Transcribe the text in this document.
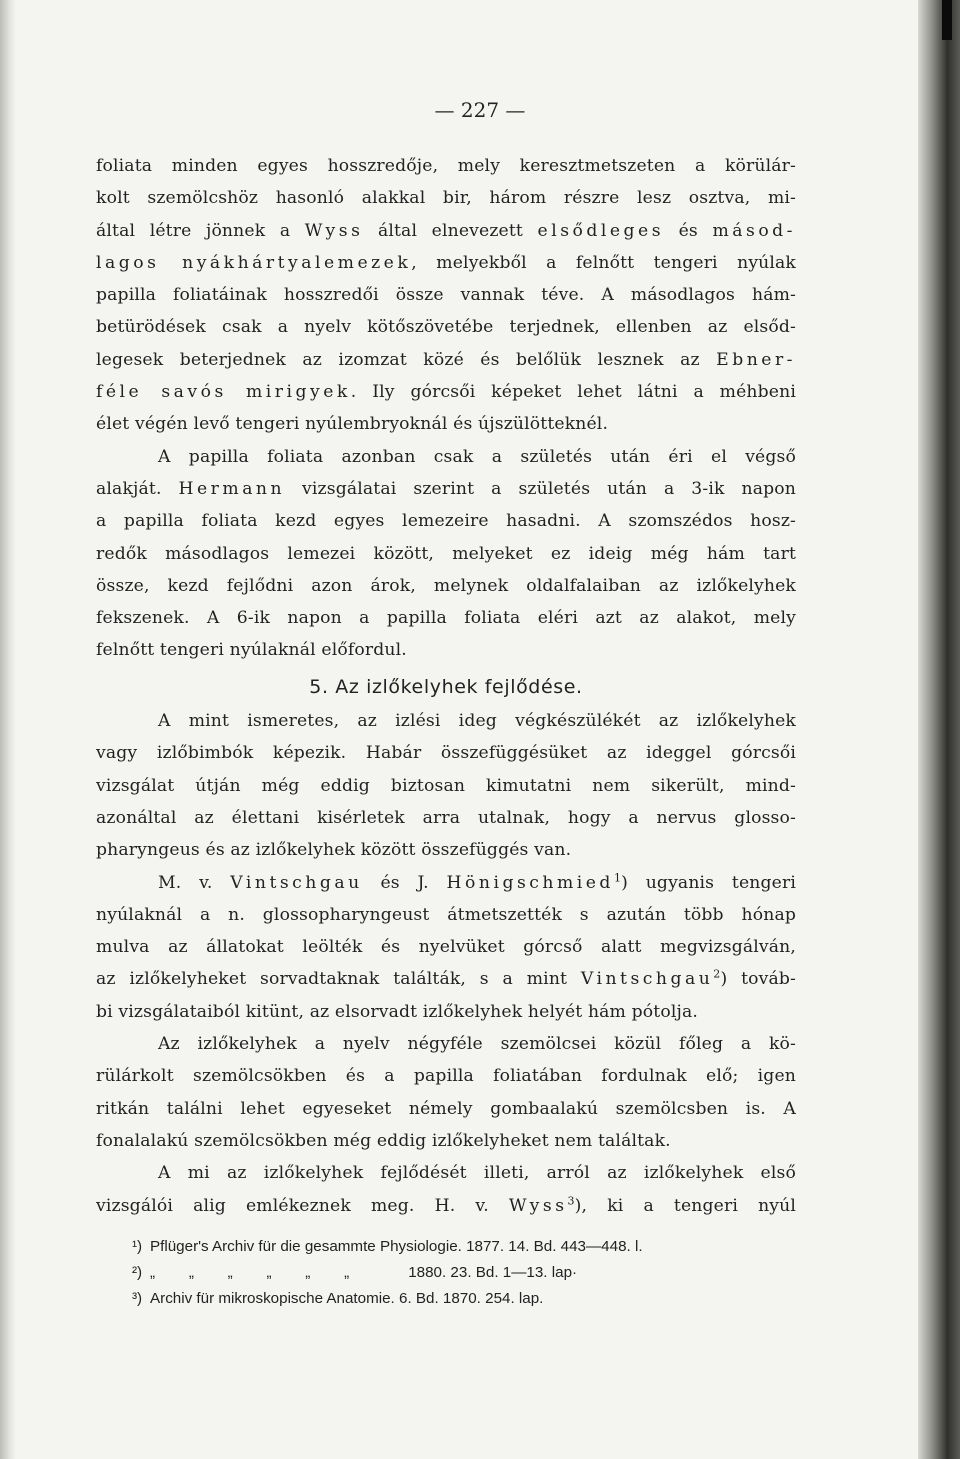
— 227 —
foliata minden egyes hosszredője, mely keresztmetszeten a körülár-
kolt szemölcshöz hasonló alakkal bir, három részre lesz osztva, mi-
által létre jönnek a Wyss által elnevezett elsődleges és másod-
lagos nyákhártyalemezek, melyekből a felnőtt tengeri nyúlak
papilla foliatáinak hosszredői össze vannak téve. A másodlagos hám-
betürödések csak a nyelv kötőszövetébe terjednek, ellenben az elsőd-
legesek beterjednek az izomzat közé és belőlük lesznek az Ebner-
féle savós mirigyek. Ily górcsői képeket lehet látni a méhbeni
élet végén levő tengeri nyúlembryoknál és újszülötteknél.
A papilla foliata azonban csak a születés után éri el végső
alakját. Hermann vizsgálatai szerint a születés után a 3-ik napon
a papilla foliata kezd egyes lemezeire hasadni. A szomszédos hosz-
redők másodlagos lemezei között, melyeket ez ideig még hám tart
össze, kezd fejlődni azon árok, melynek oldalfalaiban az izlőkelyhek
fekszenek. A 6-ik napon a papilla foliata eléri azt az alakot, mely
felnőtt tengeri nyúlaknál előfordul.
5. Az izlőkelyhek fejlődése.
A mint ismeretes, az izlési ideg végkészülékét az izlőkelyhek
vagy izlőbimbók képezik. Habár összefüggésüket az ideggel górcsői
vizsgálat útján még eddig biztosan kimutatni nem sikerült, mind-
azonáltal az élettani kisérletek arra utalnak, hogy a nervus glosso-
pharyngeus és az izlőkelyhek között összefüggés van.
M. v. Vintschgau és J. Hönigschmied$^1$) ugyanis tengeri
nyúlaknál a n. glossopharyngeust átmetszették s azután több hónap
mulva az állatokat leölték és nyelvüket górcső alatt megvizsgálván,
az izlőkelyheket sorvadtaknak találták, s a mint Vintschgau$^2$) továb-
bi vizsgálataiból kitünt, az elsorvadt izlőkelyhek helyét hám pótolja.
Az izlőkelyhek a nyelv négyféle szemölcsei közül főleg a kö-
rülárkolt szemölcsökben és a papilla foliatában fordulnak elő; igen
ritkán találni lehet egyeseket némely gombaalakú szemölcsben is. A
fonalalakú szemölcsökben még eddig izlőkelyheket nem találtak.
A mi az izlőkelyhek fejlődését illeti, arról az izlőkelyhek első
vizsgálói alig emlékeznek meg. H. v. Wyss$^3$), ki a tengeri nyúl
¹) Pflüger's Archiv für die gesammte Physiologie. 1877. 14. Bd. 443—448. l.
²) „        „        „        „        „        „              1880. 23. Bd. 1—13. lap·
³) Archiv für mikroskopische Anatomie. 6. Bd. 1870. 254. lap.
